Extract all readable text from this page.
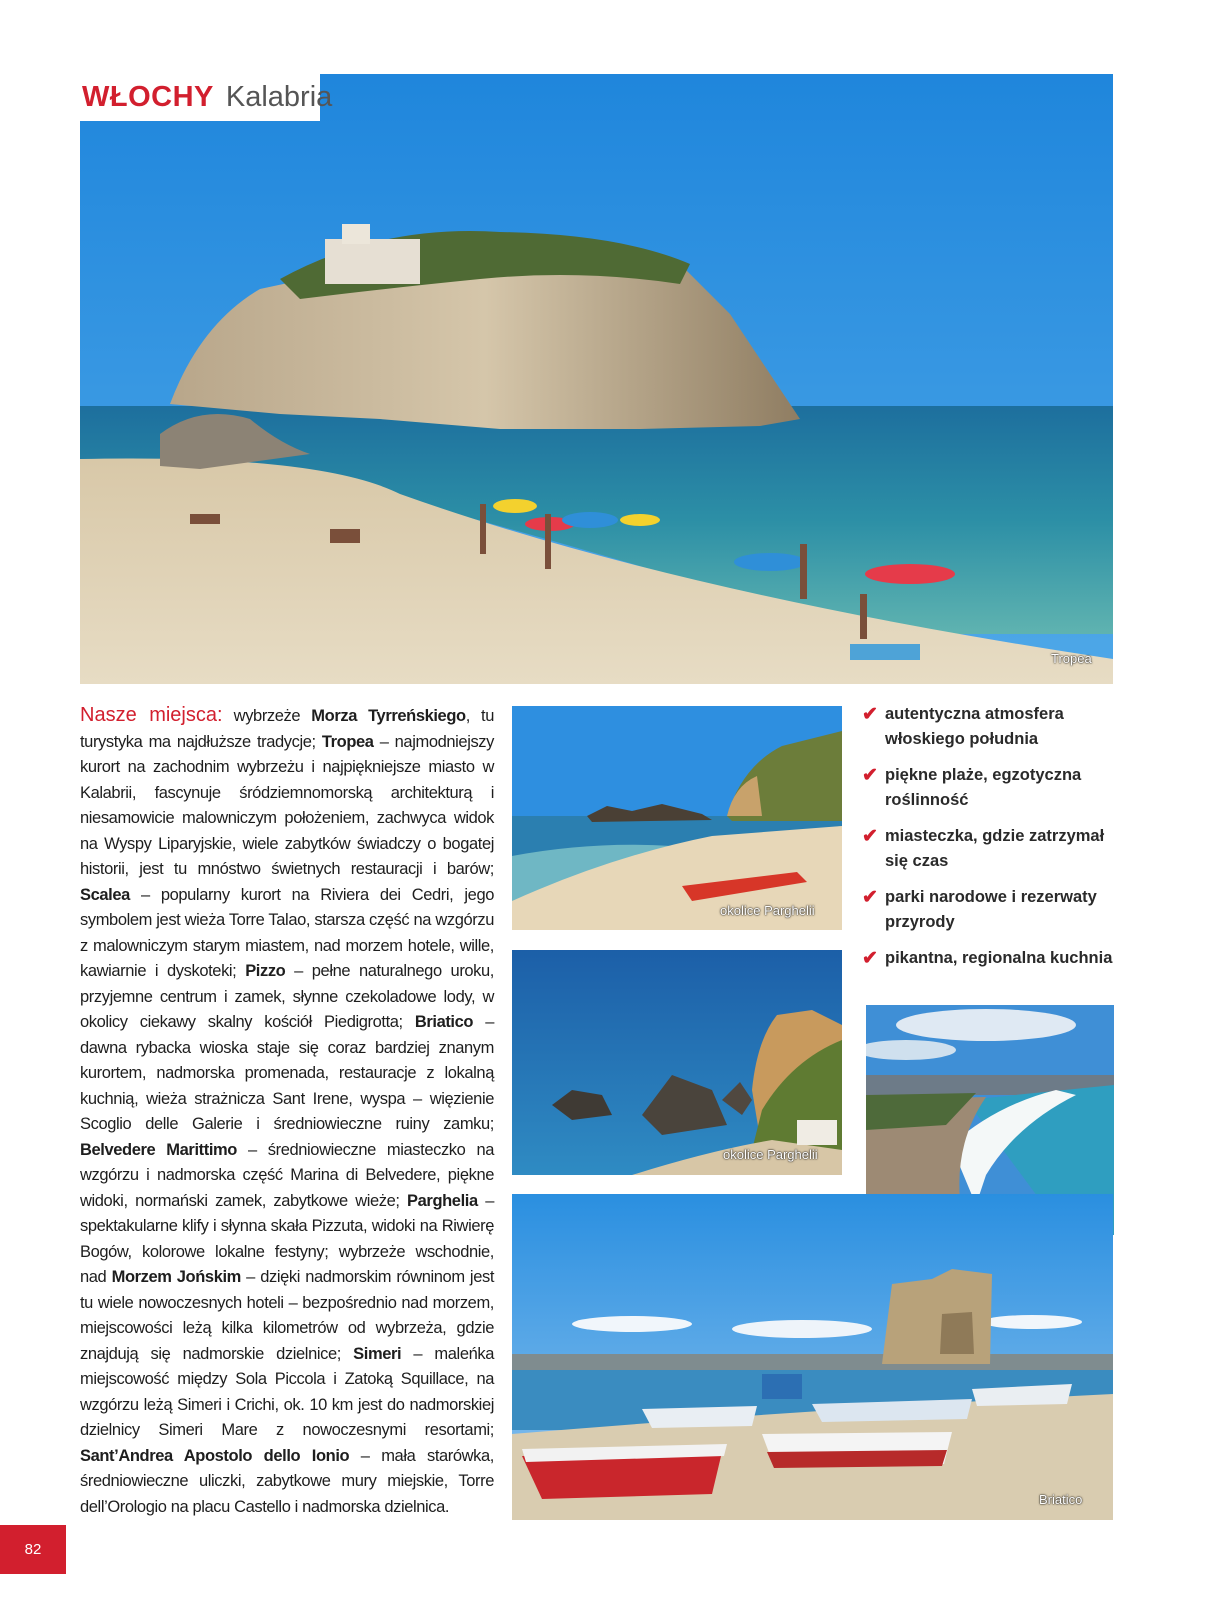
Tropea
WŁOCHY Kalabria
Nasze miejsca: wybrzeże Morza Tyrreńskiego, tu turystyka ma najdłuższe tradycje; Tropea – najmodniejszy kurort na zachodnim wybrzeżu i najpiękniejsze miasto w Kalabrii, fascynuje śródziemnomorską architekturą i niesamowicie malowniczym położeniem, zachwyca widok na Wyspy Liparyjskie, wiele zabytków świadczy o bogatej historii, jest tu mnóstwo świetnych restauracji i barów; Scalea – popularny kurort na Riviera dei Cedri, jego symbolem jest wieża Torre Talao, starsza część na wzgórzu z malowniczym starym miastem, nad morzem hotele, wille, kawiarnie i dyskoteki; Pizzo – pełne naturalnego uroku, przyjemne centrum i zamek, słynne czekoladowe lody, w okolicy ciekawy skalny kościół Piedigrotta; Briatico – dawna rybacka wioska staje się coraz bardziej znanym kurortem, nadmorska promenada, restauracje z lokalną kuchnią, wieża strażnicza Sant Irene, wyspa – więzienie Scoglio delle Galerie i średniowieczne ruiny zamku; Belvedere Marittimo – średniowieczne miasteczko na wzgórzu i nadmorska część Marina di Belvedere, piękne widoki, normański zamek, zabytkowe wieże; Parghelia – spektakularne klify i słynna skała Pizzuta, widoki na Riwierę Bogów, kolorowe lokalne festyny; wybrzeże wschodnie, nad Morzem Jońskim – dzięki nadmorskim równinom jest tu wiele nowoczesnych hoteli – bezpośrednio nad morzem, miejscowości leżą kilka kilometrów od wybrzeża, gdzie znajdują się nadmorskie dzielnice; Simeri – maleńka miejscowość między Sola Piccola i Zatoką Squillace, na wzgórzu leżą Simeri i Crichi, ok. 10 km jest do nadmorskiej dzielnicy Simeri Mare z nowoczesnymi resortami; Sant’Andrea Apostolo dello Ionio – mała starówka, średniowieczne uliczki, zabytkowe mury miejskie, Torre dell’Orologio na placu Castello i nadmorska dzielnica.
okolice Parghelii
okolice Parghelii
✔ autentyczna atmosfera włoskiego południa
✔ piękne plaże, egzotyczna roślinność
✔ miasteczka, gdzie zatrzymał się czas
✔ parki narodowe i rezerwaty przyrody
✔ pikantna, regionalna kuchnia
Briatico
82
